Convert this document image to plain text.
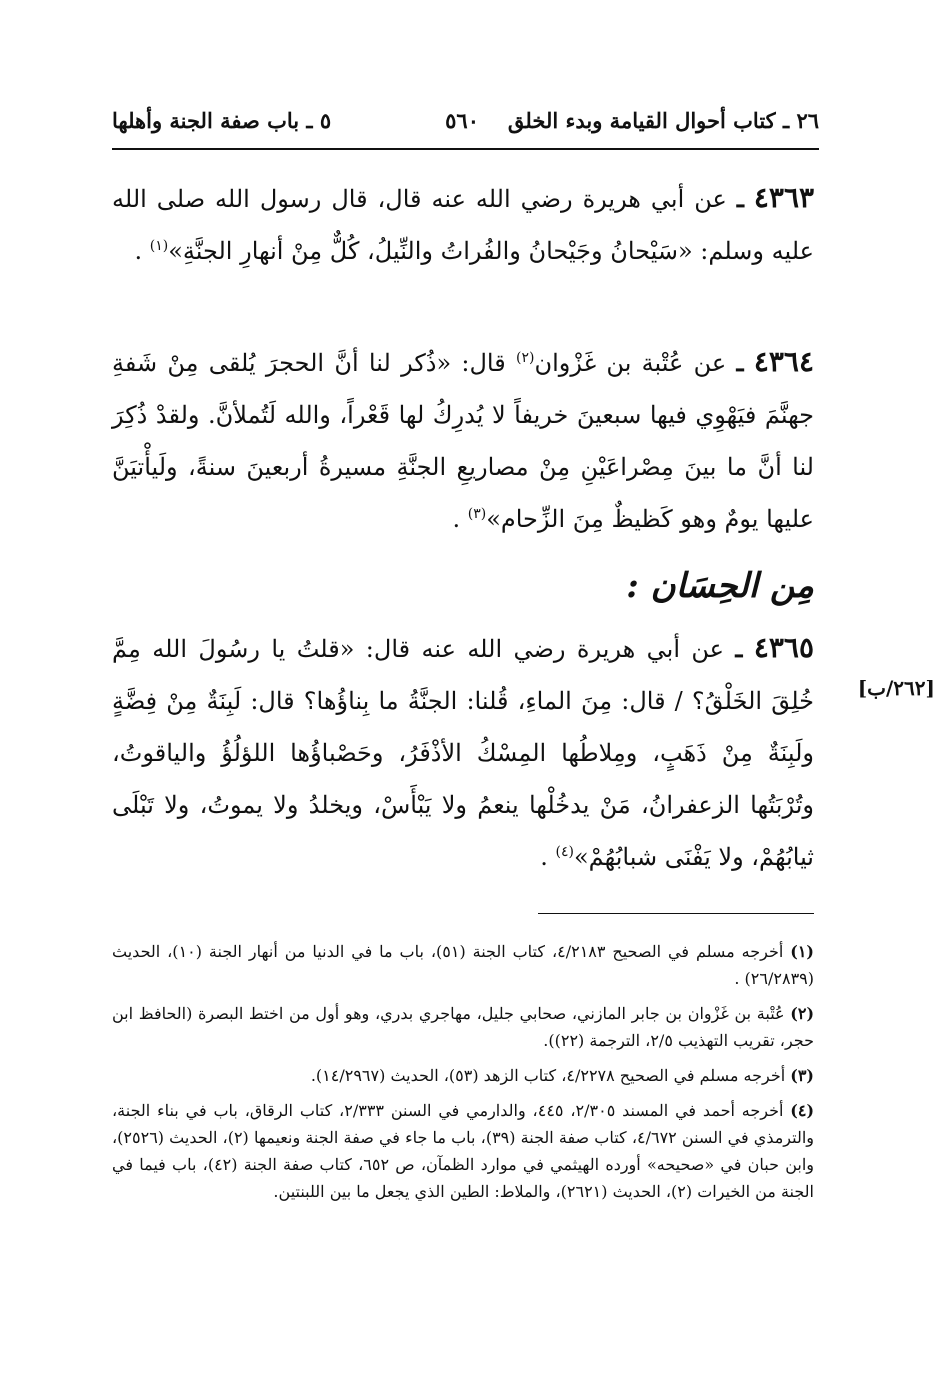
٢٦ ـ كتاب أحوال القيامة وبدء الخلق
٥٦٠
٥ ـ باب صفة الجنة وأهلها

٤٣٦٣ ـ عن أبي هريرة رضي الله عنه قال، قال رسول الله صلى الله عليه وسلم: «سَيْحانُ وجَيْحانُ والفُراتُ والنِّيلُ، كُلٌّ مِنْ أنهارِ الجنَّةِ»$^{(١)}$ .

٤٣٦٤ ـ عن عُتْبة بن غَزْوان$^{(٢)}$ قال: «ذُكر لنا أنَّ الحجرَ يُلقى مِنْ شَفةِ جهنَّمَ فيَهْوِي فيها سبعينَ خريفاً لا يُدرِكُ لها قَعْراً، والله لَتُملأنَّ. ولقدْ ذُكِرَ لنا أنَّ ما بينَ مِصْراعَيْنِ مِنْ مصاريعِ الجنَّةِ مسيرةُ أربعينَ سنةً، ولَيأْتيَنَّ عليها يومٌ وهو كَظيظٌ مِنَ الزِّحام»$^{(٣)}$ .

مِن الحِسَان :

٤٣٦٥ ـ عن أبي هريرة رضي الله عنه قال: «قلتُ يا رسُولَ الله مِمَّ خُلِقَ الخَلْقُ؟ / قال: مِنَ الماءِ، قُلنا: الجنَّةُ ما بِناؤُها؟ قال: لَبِنَةٌ مِنْ فِضَّةٍ ولَبِنَةٌ مِنْ ذَهَبٍ، ومِلاطُها المِسْكُ الأذْفَرُ، وحَصْباؤُها اللؤلُؤُ والياقوتُ، وتُرْبَتُها الزعفرانُ، مَنْ يدخُلْها ينعمُ ولا يَبْأَسْ، ويخلدُ ولا يموتُ، ولا تَبْلَى ثيابُهُمْ، ولا يَفْنَى شبابُهُمْ»$^{(٤)}$ .

[٢٦٢/ب]

(١) أخرجه مسلم في الصحيح ٤/٢١٨٣، كتاب الجنة (٥١)، باب ما في الدنيا من أنهار الجنة (١٠)، الحديث (٢٦/٢٨٣٩) .

(٢) عُتْبة بن غَزْوان بن جابر المازني، صحابي جليل، مهاجري بدري، وهو أول من اختط البصرة (الحافظ ابن حجر، تقريب التهذيب ٢/٥، الترجمة (٢٢)).

(٣) أخرجه مسلم في الصحيح ٤/٢٢٧٨، كتاب الزهد (٥٣)، الحديث (١٤/٢٩٦٧).

(٤) أخرجه أحمد في المسند ٢/٣٠٥، ٤٤٥، والدارمي في السنن ٢/٣٣٣، كتاب الرقاق، باب في بناء الجنة، والترمذي في السنن ٤/٦٧٢، كتاب صفة الجنة (٣٩)، باب ما جاء في صفة الجنة ونعيمها (٢)، الحديث (٢٥٢٦)، وابن حبان في «صحيحه» أورده الهيثمي في موارد الظمآن، ص ٦٥٢، كتاب صفة الجنة (٤٢)، باب فيما في الجنة من الخيرات (٢)، الحديث (٢٦٢١)، والملاط: الطين الذي يجعل ما بين اللبنتين.
